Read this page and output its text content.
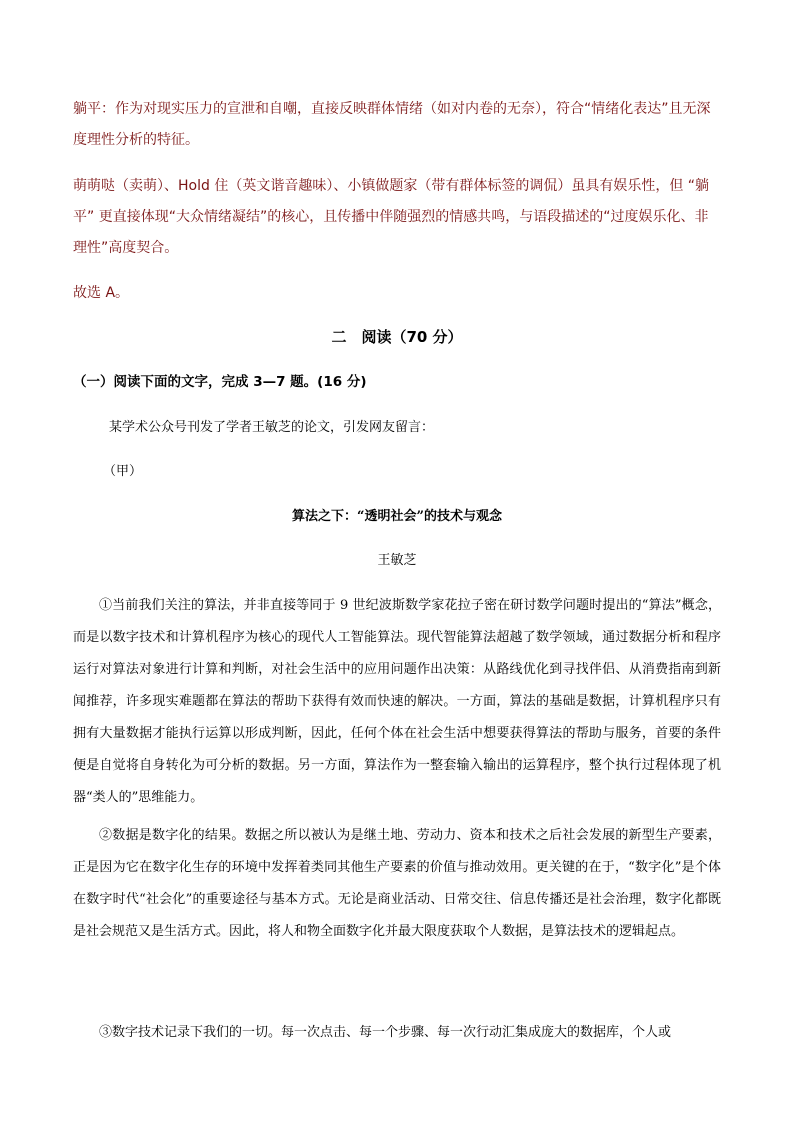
躺平：作为对现实压力的宣泄和自嘲，直接反映群体情绪（如对内卷的无奈），符合“情绪化表达”且无深度理性分析的特征。

萌萌哒（卖萌）、Hold 住（英文谐音趣味）、小镇做题家（带有群体标签的调侃）虽具有娱乐性，但 “躺平” 更直接体现“大众情绪凝结”的核心，且传播中伴随强烈的情感共鸣，与语段描述的“过度娱乐化、非理性”高度契合。

故选 A。

二　阅读（70 分）

（一）阅读下面的文字，完成 3—7 题。(16 分)

某学术公众号刊发了学者王敏芝的论文，引发网友留言：

（甲）

算法之下：“透明社会”的技术与观念

王敏芝

①当前我们关注的算法，并非直接等同于 9 世纪波斯数学家花拉子密在研讨数学问题时提出的“算法”概念，而是以数字技术和计算机程序为核心的现代人工智能算法。现代智能算法超越了数学领域，通过数据分析和程序运行对算法对象进行计算和判断，对社会生活中的应用问题作出决策：从路线优化到寻找伴侣、从消费指南到新闻推荐，许多现实难题都在算法的帮助下获得有效而快速的解决。一方面，算法的基础是数据，计算机程序只有拥有大量数据才能执行运算以形成判断，因此，任何个体在社会生活中想要获得算法的帮助与服务，首要的条件便是自觉将自身转化为可分析的数据。另一方面，算法作为一整套输入输出的运算程序，整个执行过程体现了机器“类人的”思维能力。

②数据是数字化的结果。数据之所以被认为是继土地、劳动力、资本和技术之后社会发展的新型生产要素，正是因为它在数字化生存的环境中发挥着类同其他生产要素的价值与推动效用。更关键的在于，“数字化”是个体在数字时代“社会化”的重要途径与基本方式。无论是商业活动、日常交往、信息传播还是社会治理，数字化都既是社会规范又是生活方式。因此，将人和物全面数字化并最大限度获取个人数据，是算法技术的逻辑起点。

③数字技术记录下我们的一切。每一次点击、每一个步骤、每一次行动汇集成庞大的数据库，个人或
